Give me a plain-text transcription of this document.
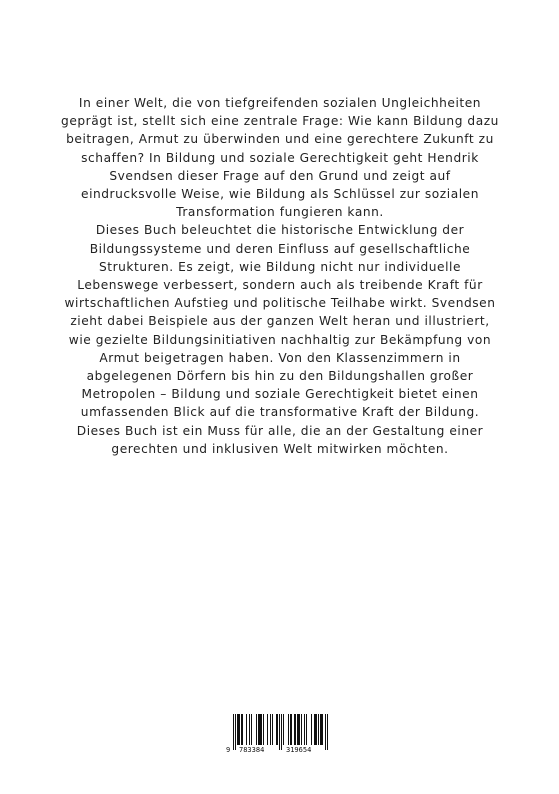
In einer Welt, die von tiefgreifenden sozialen Ungleichheiten geprägt ist, stellt sich eine zentrale Frage: Wie kann Bildung dazu beitragen, Armut zu überwinden und eine gerechtere Zukunft zu schaffen? In Bildung und soziale Gerechtigkeit geht Hendrik Svendsen dieser Frage auf den Grund und zeigt auf eindrucksvolle Weise, wie Bildung als Schlüssel zur sozialen Transformation fungieren kann.

Dieses Buch beleuchtet die historische Entwicklung der Bildungssysteme und deren Einfluss auf gesellschaftliche Strukturen. Es zeigt, wie Bildung nicht nur individuelle Lebenswege verbessert, sondern auch als treibende Kraft für wirtschaftlichen Aufstieg und politische Teilhabe wirkt. Svendsen zieht dabei Beispiele aus der ganzen Welt heran und illustriert, wie gezielte Bildungsinitiativen nachhaltig zur Bekämpfung von Armut beigetragen haben. Von den Klassenzimmern in abgelegenen Dörfern bis hin zu den Bildungshallen großer Metropolen – Bildung und soziale Gerechtigkeit bietet einen umfassenden Blick auf die transformative Kraft der Bildung. Dieses Buch ist ein Muss für alle, die an der Gestaltung einer gerechten und inklusiven Welt mitwirken möchten.

9 783384	319654
